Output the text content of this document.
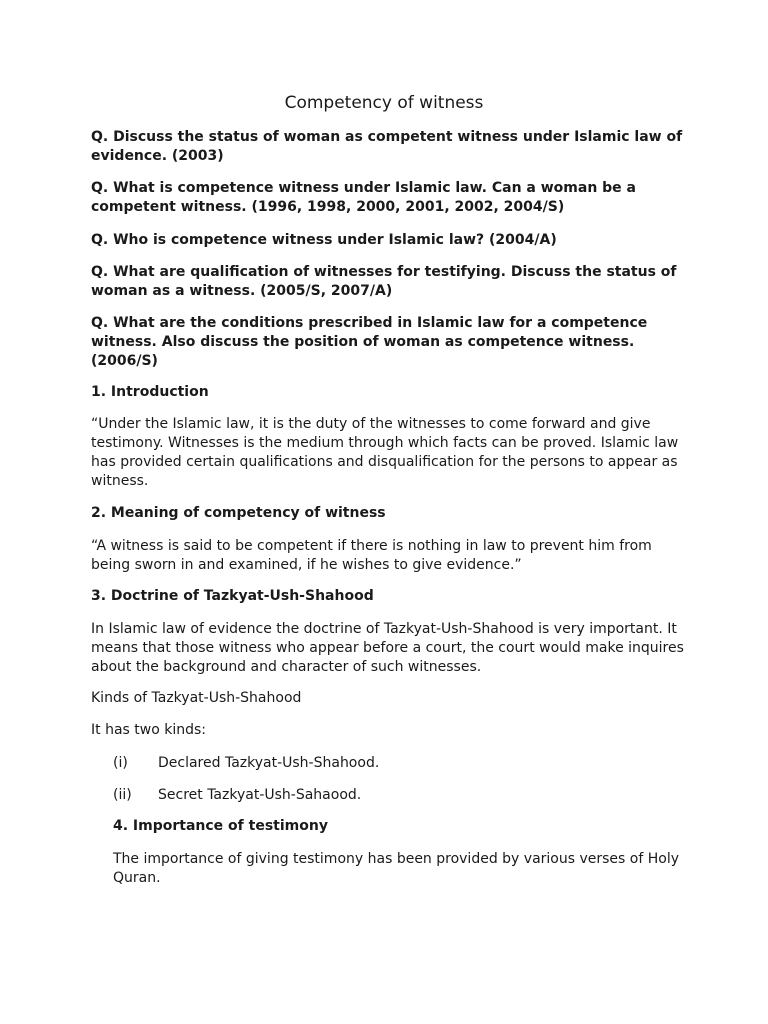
Competency of witness

Q. Discuss the status of woman as competent witness under Islamic law of evidence. (2003)

Q. What is competence witness under Islamic law. Can a woman be a competent witness. (1996, 1998, 2000, 2001, 2002, 2004/S)

Q. Who is competence witness under Islamic law? (2004/A)

Q. What are qualification of witnesses for testifying. Discuss the status of woman as a witness. (2005/S, 2007/A)

Q. What are the conditions prescribed in Islamic law for a competence witness. Also discuss the position of woman as competence witness. (2006/S)

1. Introduction

“Under the Islamic law, it is the duty of the witnesses to come forward and give testimony. Witnesses is the medium through which facts can be proved. Islamic law has provided certain qualifications and disqualification for the persons to appear as witness.

2. Meaning of competency of witness

“A witness is said to be competent if there is nothing in law to prevent him from being sworn in and examined, if he wishes to give evidence.”

3. Doctrine of Tazkyat-Ush-Shahood

In Islamic law of evidence the doctrine of Tazkyat-Ush-Shahood is very important. It means that those witness who appear before a court, the court would make inquires about the background and character of such witnesses.

Kinds of Tazkyat-Ush-Shahood

It has two kinds:

(i) Declared Tazkyat-Ush-Shahood.

(ii) Secret Tazkyat-Ush-Sahaood.

4. Importance of testimony

The importance of giving testimony has been provided by various verses of Holy Quran.
